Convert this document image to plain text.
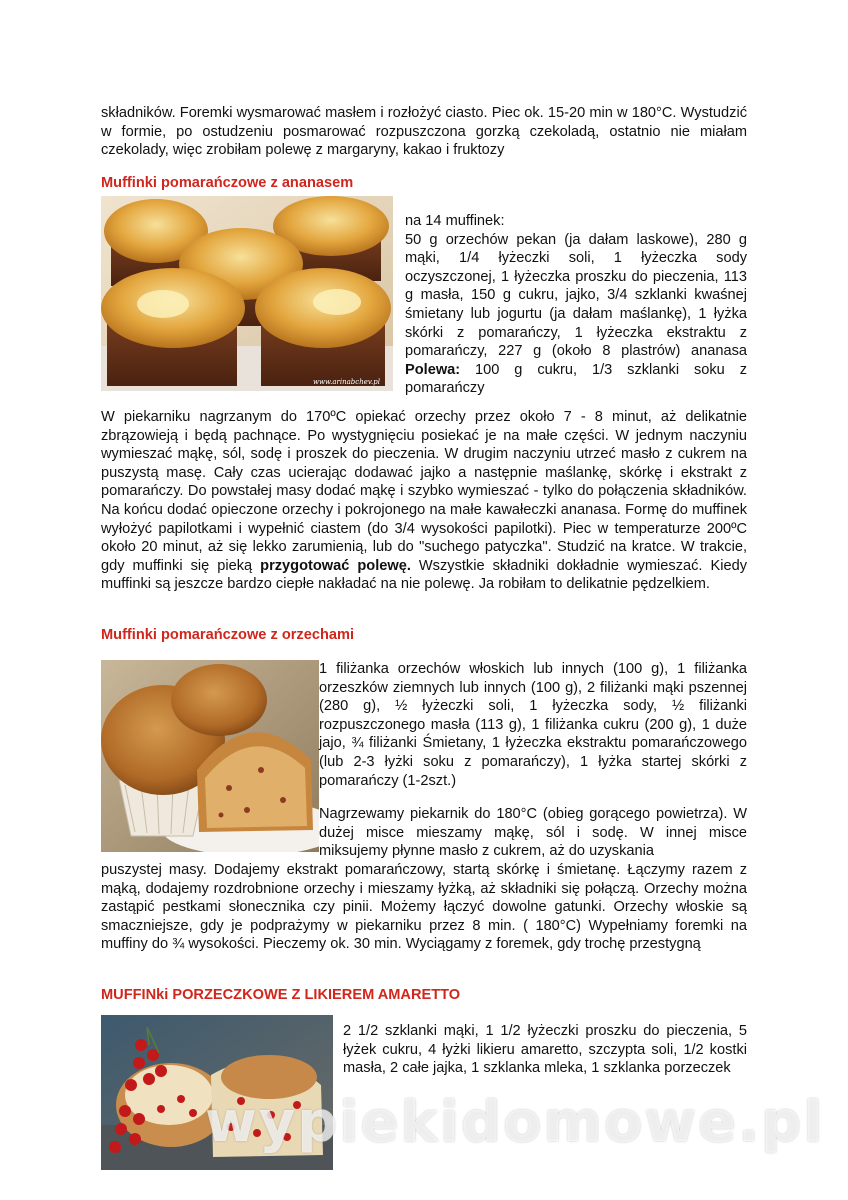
składników. Foremki wysmarować masłem i rozłożyć ciasto. Piec ok. 15-20 min w 180°C. Wystudzić w formie, po ostudzeniu posmarować rozpuszczona gorzką czekoladą, ostatnio nie miałam czekolady, więc zrobiłam polewę z margaryny, kakao i fruktozy
Muffinki pomarańczowe z ananasem
www.arinabchev.pl
na 14 muffinek:
50 g orzechów pekan (ja dałam laskowe), 280 g mąki, 1/4 łyżeczki soli, 1 łyżeczka sody oczyszczonej, 1 łyżeczka proszku do pieczenia, 113 g masła, 150 g cukru, jajko, 3/4 szklanki kwaśnej śmietany lub jogurtu (ja dałam maślankę), 1 łyżka skórki z pomarańczy, 1 łyżeczka ekstraktu z pomarańczy, 227 g (około 8 plastrów) ananasa Polewa: 100 g cukru, 1/3 szklanki soku z pomarańczy
W piekarniku nagrzanym do 170ºC opiekać orzechy przez około 7 - 8 minut, aż delikatnie zbrązowieją i będą pachnące. Po wystygnięciu posiekać je na małe części. W jednym naczyniu wymieszać mąkę, sól, sodę i proszek do pieczenia. W drugim naczyniu utrzeć masło z cukrem na puszystą masę. Cały czas ucierając dodawać jajko a następnie maślankę, skórkę i ekstrakt z pomarańczy. Do powstałej masy dodać mąkę i szybko wymieszać - tylko do połączenia składników. Na końcu dodać opieczone orzechy i pokrojonego na małe kawałeczki ananasa. Formę do muffinek wyłożyć papilotkami i wypełnić ciastem (do 3/4 wysokości papilotki). Piec w temperaturze 200ºC około 20 minut, aż się lekko zarumienią, lub do "suchego patyczka". Studzić na kratce. W trakcie, gdy muffinki się pieką przygotować polewę. Wszystkie składniki dokładnie wymieszać. Kiedy muffinki są jeszcze bardzo ciepłe nakładać na nie polewę. Ja robiłam to delikatnie pędzelkiem.
Muffinki pomarańczowe z orzechami
1 filiżanka orzechów włoskich lub innych (100 g), 1 filiżanka orzeszków ziemnych lub innych (100 g), 2 filiżanki mąki pszennej (280 g), ½ łyżeczki soli, 1 łyżeczka sody, ½ filiżanki rozpuszczonego masła (113 g), 1 filiżanka cukru (200 g), 1 duże jajo, ¾ filiżanki Śmietany, 1 łyżeczka ekstraktu pomarańczowego (lub 2-3 łyżki soku z pomarańczy), 1 łyżka startej skórki z pomarańczy (1-2szt.)
Nagrzewamy piekarnik do 180°C (obieg gorącego powietrza). W dużej misce mieszamy mąkę, sól i sodę. W innej misce miksujemy płynne masło z cukrem, aż do uzyskania
puszystej masy. Dodajemy ekstrakt pomarańczowy, startą skórkę i śmietanę. Łączymy razem z mąką, dodajemy rozdrobnione orzechy i mieszamy łyżką, aż składniki się połączą. Orzechy można zastąpić pestkami słonecznika czy pinii. Możemy łączyć dowolne gatunki. Orzechy włoskie są smaczniejsze, gdy je podprażymy w piekarniku przez 8 min. ( 180°C) Wypełniamy foremki na muffiny do ¾ wysokości. Pieczemy ok. 30 min. Wyciągamy z foremek, gdy trochę przestygną
MUFFINki PORZECZKOWE Z LIKIEREM AMARETTO
2 1/2 szklanki mąki, 1 1/2 łyżeczki proszku do pieczenia, 5 łyżek cukru, 4 łyżki likieru amaretto, szczypta soli, 1/2 kostki masła, 2 całe jajka, 1 szklanka mleka, 1 szklanka porzeczek
wypiekidomowe.pl
